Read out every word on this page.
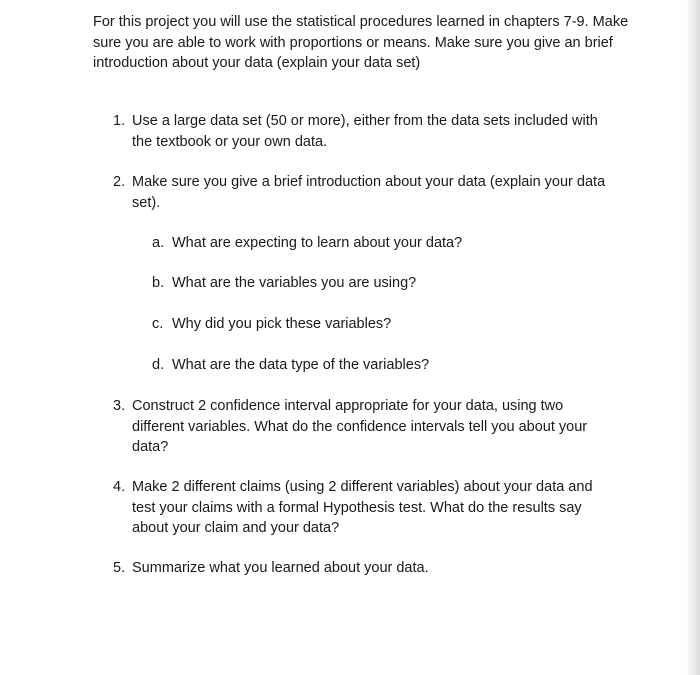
For this project you will use the statistical procedures learned in chapters 7-9. Make sure you are able to work with proportions or means. Make sure you give an brief introduction about your data (explain your data set)

1. Use a large data set (50 or more), either from the data sets included with the textbook or your own data.
2. Make sure you give a brief introduction about your data (explain your data set).
a. What are expecting to learn about your data?
b. What are the variables you are using?
c. Why did you pick these variables?
d. What are the data type of the variables?
3. Construct 2 confidence interval appropriate for your data, using two different variables. What do the confidence intervals tell you about your data?
4. Make 2 different claims (using 2 different variables) about your data and test your claims with a formal Hypothesis test. What do the results say about your claim and your data?
5. Summarize what you learned about your data.
